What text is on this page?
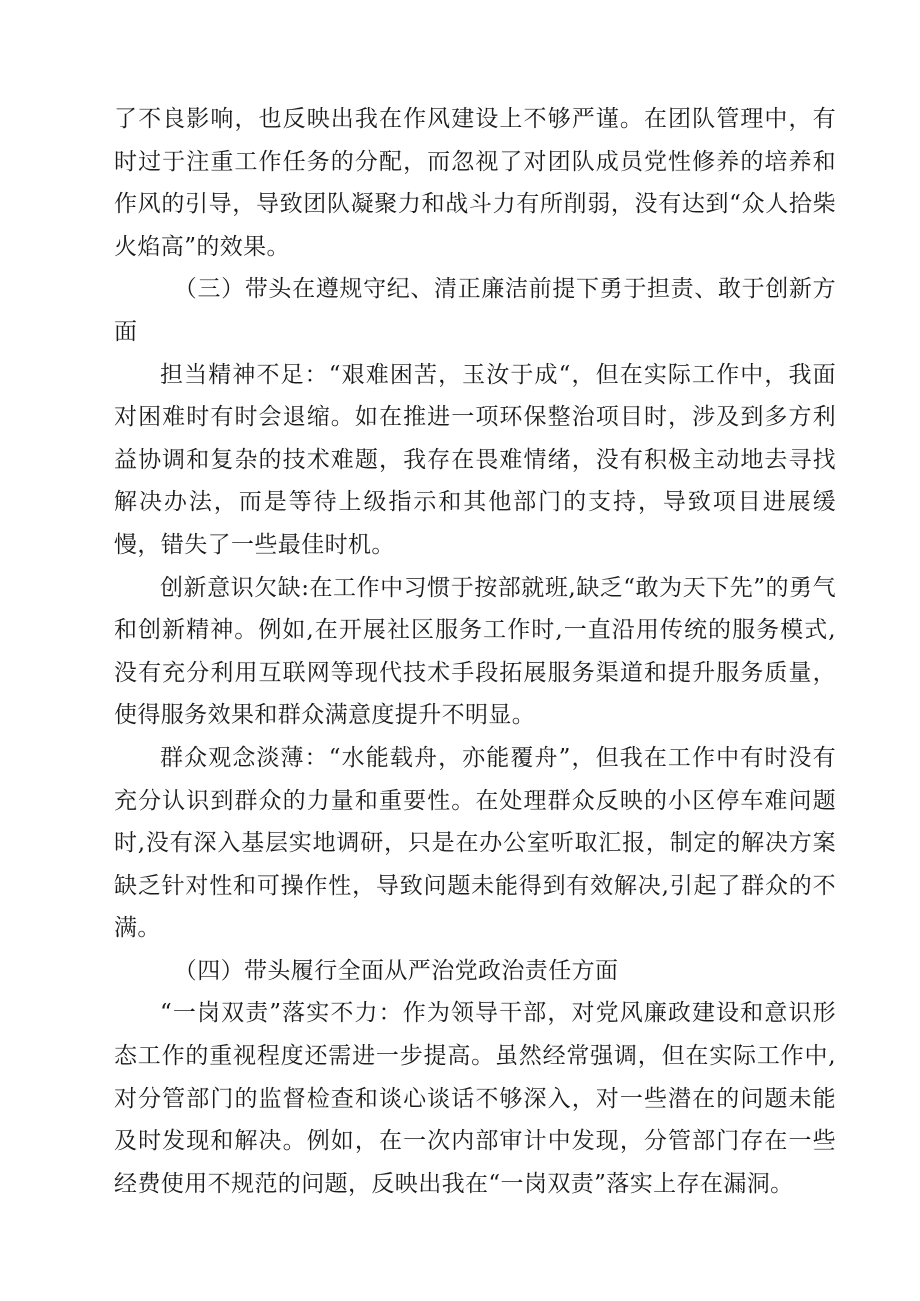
了不良影响，也反映出我在作风建设上不够严谨。在团队管理中，有时过于注重工作任务的分配，而忽视了对团队成员党性修养的培养和作风的引导，导致团队凝聚力和战斗力有所削弱，没有达到“众人拾柴火焰高”的效果。

（三）带头在遵规守纪、清正廉洁前提下勇于担责、敢于创新方面

担当精神不足：“艰难困苦，玉汝于成“，但在实际工作中，我面对困难时有时会退缩。如在推进一项环保整治项目时，涉及到多方利益协调和复杂的技术难题，我存在畏难情绪，没有积极主动地去寻找解决办法，而是等待上级指示和其他部门的支持，导致项目进展缓慢，错失了一些最佳时机。

创新意识欠缺:在工作中习惯于按部就班,缺乏“敢为天下先”的勇气和创新精神。例如,在开展社区服务工作时,一直沿用传统的服务模式,没有充分利用互联网等现代技术手段拓展服务渠道和提升服务质量，使得服务效果和群众满意度提升不明显。

群众观念淡薄：“水能载舟，亦能覆舟”，但我在工作中有时没有充分认识到群众的力量和重要性。在处理群众反映的小区停车难问题时,没有深入基层实地调研，只是在办公室听取汇报，制定的解决方案缺乏针对性和可操作性，导致问题未能得到有效解决,引起了群众的不满。

（四）带头履行全面从严治党政治责任方面

“一岗双责”落实不力：作为领导干部，对党风廉政建设和意识形态工作的重视程度还需进一步提高。虽然经常强调，但在实际工作中,对分管部门的监督检查和谈心谈话不够深入，对一些潜在的问题未能及时发现和解决。例如，在一次内部审计中发现，分管部门存在一些经费使用不规范的问题，反映出我在“一岗双责”落实上存在漏洞。
